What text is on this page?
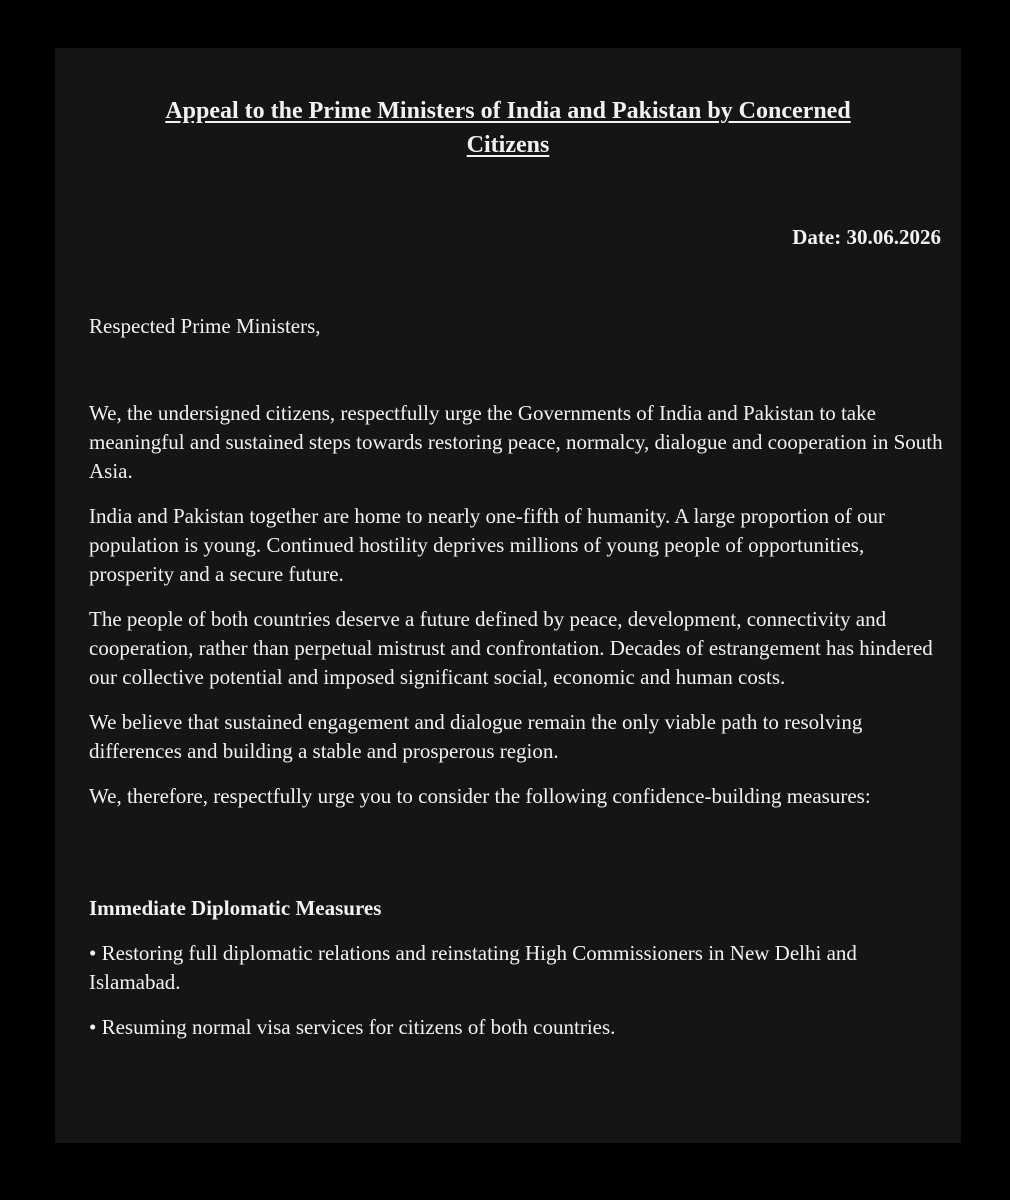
Appeal to the Prime Ministers of India and Pakistan by Concerned
Citizens
Date: 30.06.2026

Respected Prime Ministers,

We, the undersigned citizens, respectfully urge the Governments of India and Pakistan to take meaningful and sustained steps towards restoring peace, normalcy, dialogue and cooperation in South Asia.

India and Pakistan together are home to nearly one-fifth of humanity. A large proportion of our population is young. Continued hostility deprives millions of young people of opportunities, prosperity and a secure future.

The people of both countries deserve a future defined by peace, development, connectivity and cooperation, rather than perpetual mistrust and confrontation. Decades of estrangement has hindered our collective potential and imposed significant social, economic and human costs.

We believe that sustained engagement and dialogue remain the only viable path to resolving differences and building a stable and prosperous region.

We, therefore, respectfully urge you to consider the following confidence-building measures:

Immediate Diplomatic Measures

• Restoring full diplomatic relations and reinstating High Commissioners in New Delhi and Islamabad.

• Resuming normal visa services for citizens of both countries.
